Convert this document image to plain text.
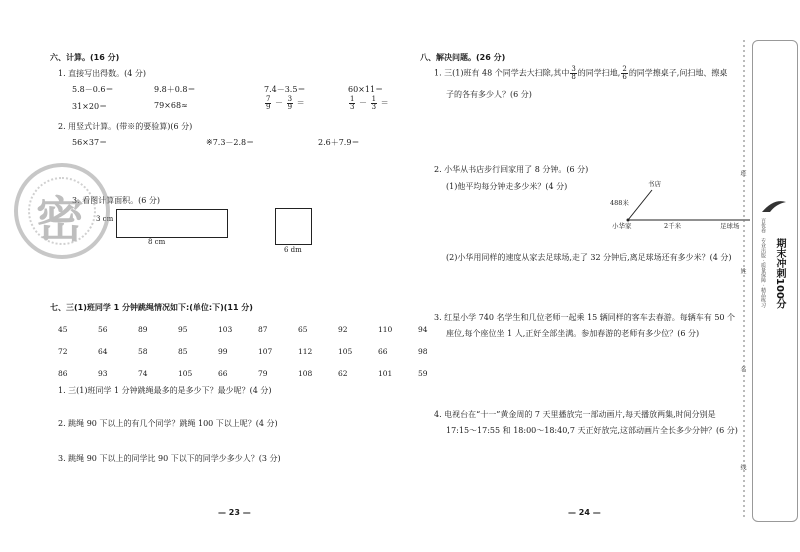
六、计算。(16 分)
1. 直接写出得数。(4 分)
5.8－0.6＝	9.8＋0.8＝	7.4－3.5＝	60×11＝
31×20＝	79×68≈	$\frac{7}{9} - \frac{3}{9}$ ＝	$\frac{1}{3} - \frac{1}{3}$ ＝
2. 用竖式计算。(带※的要验算)(6 分)
56×37＝	※7.3－2.8＝	2.6＋7.9＝
3. 看图计算面积。(6 分)
3 cm
8 cm
6 dm
密
七、三(1)班同学 1 分钟跳绳情况如下:(单位:下)(11 分)
45	56	89	95	103	87	65	92	110	94
72	64	58	85	99	107	112	105	66	98
86	93	74	105	66	79	108	62	101	59
1. 三(1)班同学 1 分钟跳绳最多的是多少下？最少呢？(4 分)
2. 跳绳 90 下以上的有几个同学？跳绳 100 下以上呢？(4 分)
3. 跳绳 90 下以上的同学比 90 下以下的同学少多少人？(3 分)
— 23 —
八、解决问题。(26 分)
1. 三(1)班有 48 个同学去大扫除,其中 $\frac{3}{8}$ 的同学扫地, $\frac{2}{6}$ 的同学擦桌子,问扫地、擦桌
子的各有多少人？(6 分)
2. 小华从书店步行回家用了 8 分钟。(6 分)
(1)他平均每分钟走多少米？(4 分)	书店
488米
小华家	2千米	足球场
(2)小华用同样的速度从家去足球场,走了 32 分钟后,离足球场还有多少米？(4 分)
3. 红星小学 740 名学生和几位老师一起乘 15 辆同样的客车去春游。每辆车有 50 个
座位,每个座位坐 1 人,正好全部坐满。参加春游的老师有多少位？(6 分)
4. 电视台在“十一”黄金周的 7 天里播放完一部动画片,每天播放两集,时间分别是
17:15～17:55 和 18:00～18:40,7 天正好放完,这部动画片全长多少分钟？(6 分)
— 24 —
班
姓
名
线
百优卷
期末冲刺100分
专业出版 · 质量保障 · 精品练习
